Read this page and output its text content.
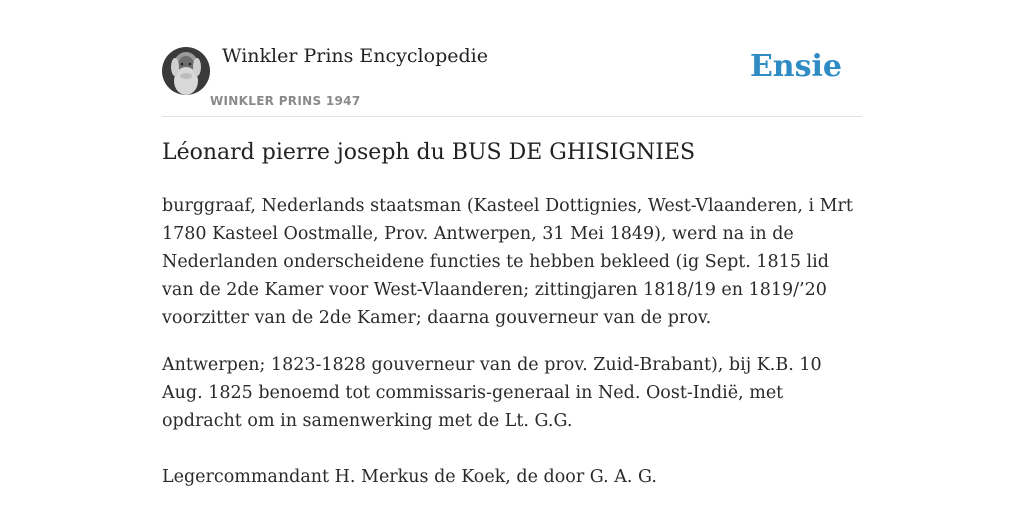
Winkler Prins Encyclopedie
WINKLER PRINS 1947
Ensie
Léonard pierre joseph du BUS DE GHISIGNIES

burggraaf, Nederlands staatsman (Kasteel Dottignies, West-Vlaanderen, i Mrt 1780 Kasteel Oostmalle, Prov. Antwerpen, 31 Mei 1849), werd na in de Nederlanden onderscheidene functies te hebben bekleed (ig Sept. 1815 lid van de 2de Kamer voor West-Vlaanderen; zittingjaren 1818/19 en 1819/’20 voorzitter van de 2de Kamer; daarna gouverneur van de prov.

Antwerpen; 1823-1828 gouverneur van de prov. Zuid-Brabant), bij K.B. 10 Aug. 1825 benoemd tot commissaris-generaal in Ned. Oost-Indië, met opdracht om in samenwerking met de Lt. G.G.

Legercommandant H. Merkus de Koek, de door G. A. G.
